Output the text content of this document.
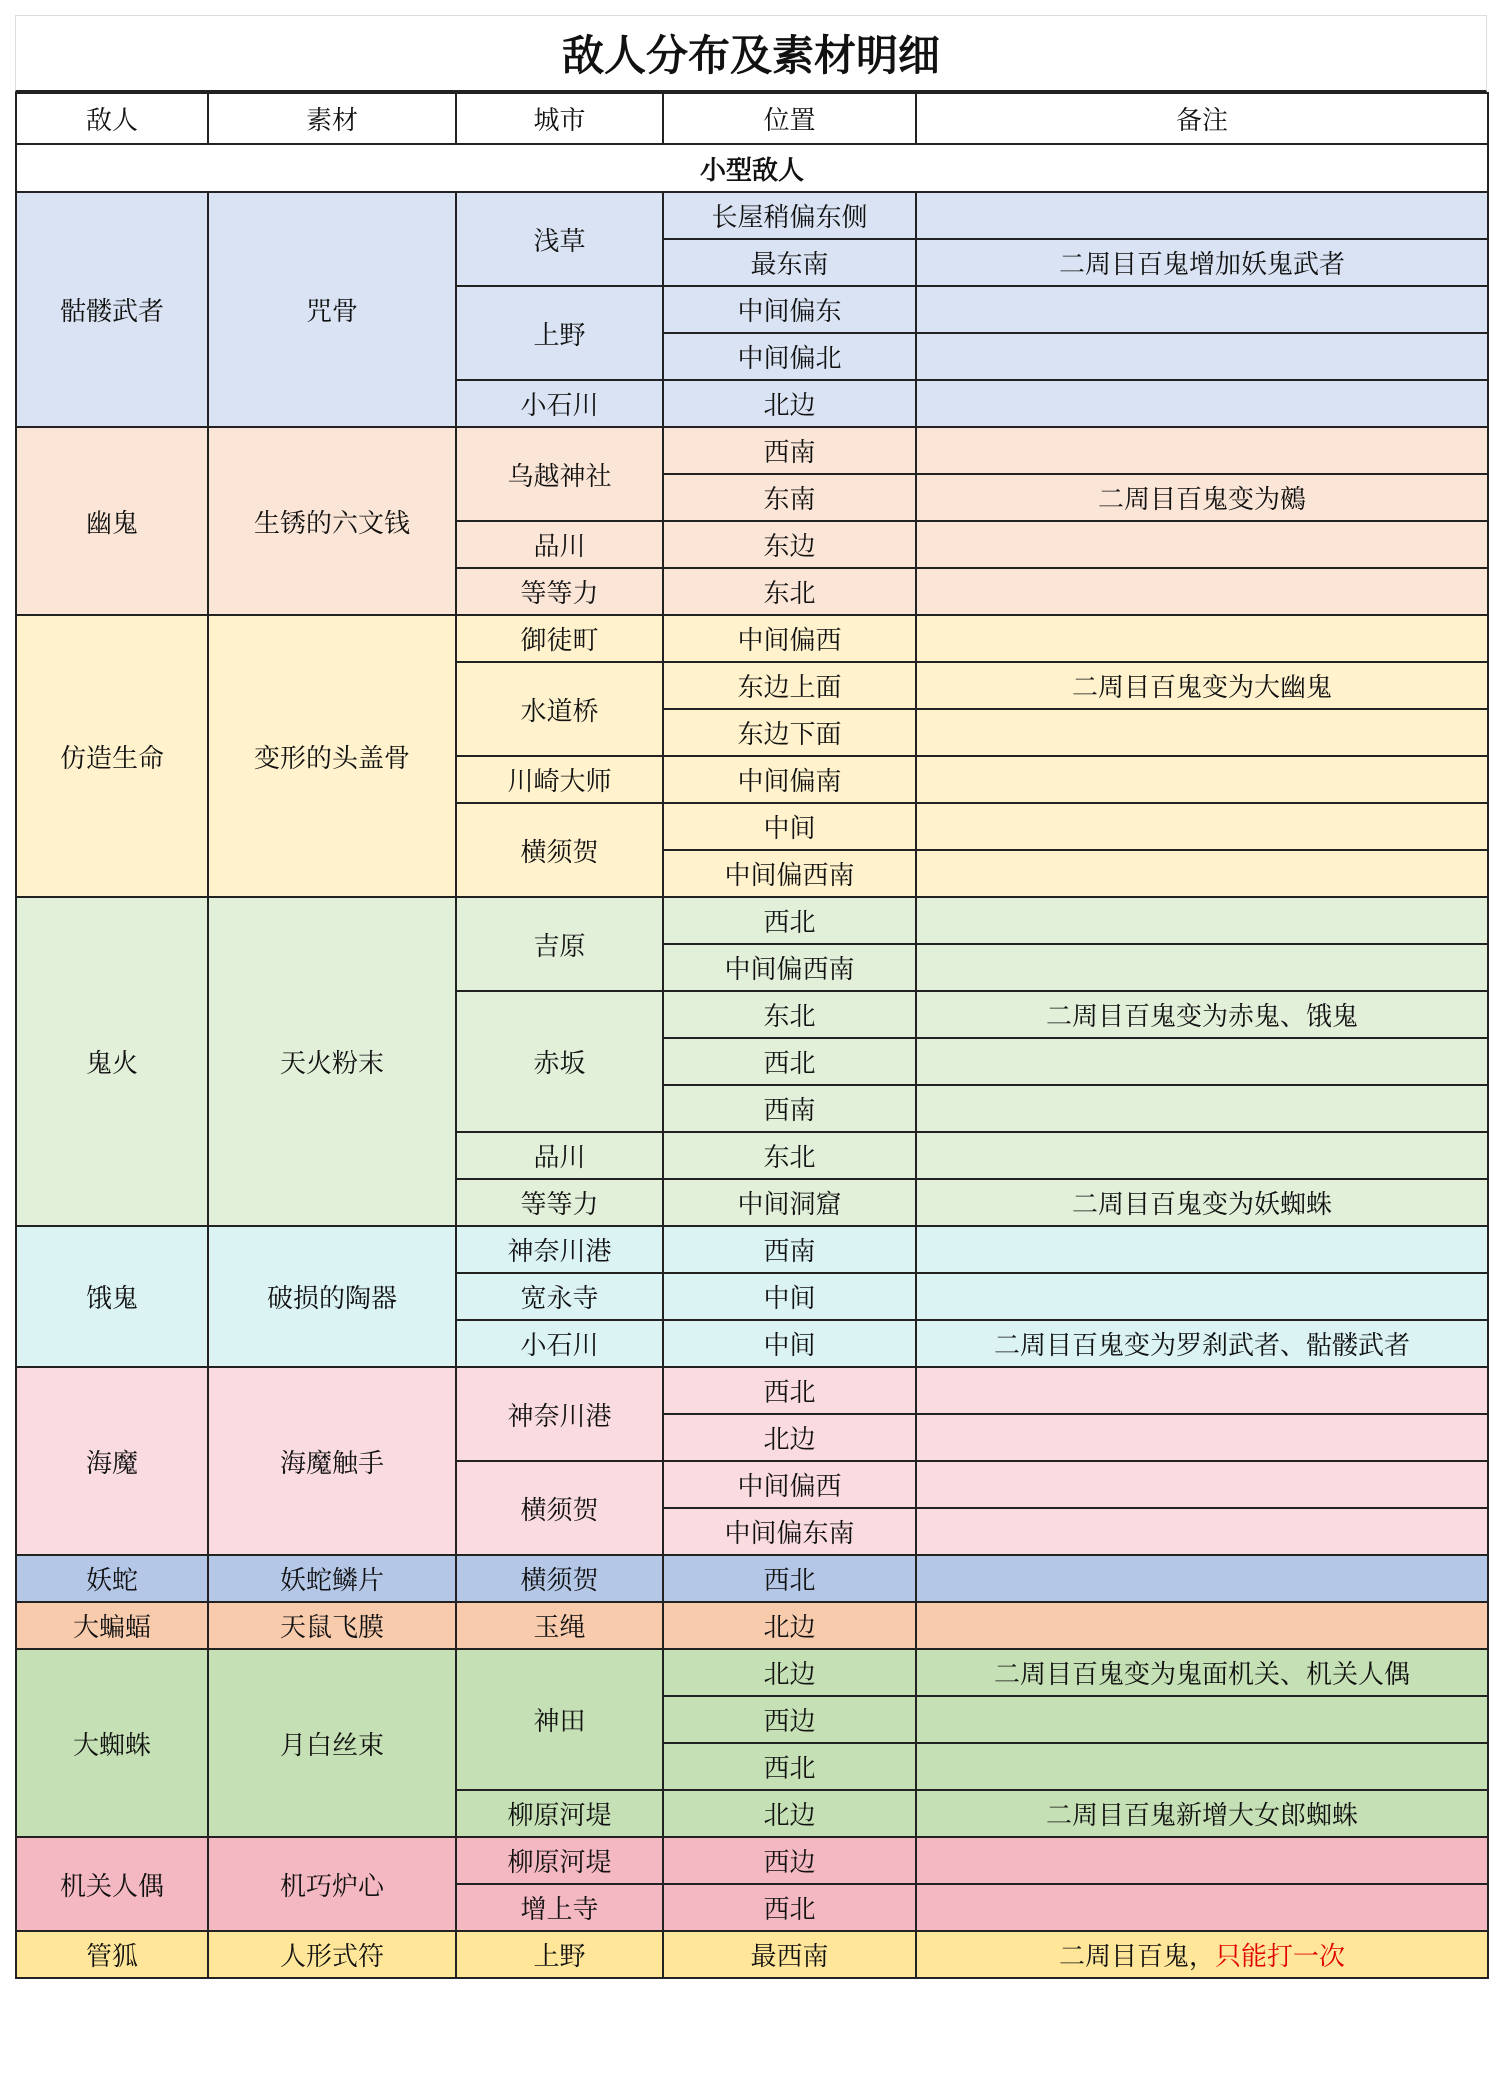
敌人分布及素材明细
敌人	素材	城市	位置	备注
小型敌人				
骷髅武者	咒骨	浅草	长屋稍偏东侧	
			最东南	二周目百鬼增加妖鬼武者
		上野	中间偏东	
			中间偏北	
		小石川	北边	
幽鬼	生锈的六文钱	乌越神社	西南	
			东南	二周目百鬼变为鵺
		品川	东边	
		等等力	东北	
仿造生命	变形的头盖骨	御徒町	中间偏西	
		水道桥	东边上面	二周目百鬼变为大幽鬼
			东边下面	
		川崎大师	中间偏南	
		横须贺	中间	
			中间偏西南	
鬼火	天火粉末	吉原	西北	
			中间偏西南	
		赤坂	东北	二周目百鬼变为赤鬼、饿鬼
			西北	
			西南	
		品川	东北	
		等等力	中间洞窟	二周目百鬼变为妖蜘蛛
饿鬼	破损的陶器	神奈川港	西南	
		宽永寺	中间	
		小石川	中间	二周目百鬼变为罗刹武者、骷髅武者
海魔	海魔触手	神奈川港	西北	
			北边	
		横须贺	中间偏西	
			中间偏东南	
妖蛇	妖蛇鳞片	横须贺	西北	
大蝙蝠	天鼠飞膜	玉绳	北边	
大蜘蛛	月白丝束	神田	北边	二周目百鬼变为鬼面机关、机关人偶
			西边	
			西北	
		柳原河堤	北边	二周目百鬼新增大女郎蜘蛛
机关人偶	机巧炉心	柳原河堤	西边	
		增上寺	西北	
管狐	人形式符	上野	最西南	二周目百鬼，只能打一次
